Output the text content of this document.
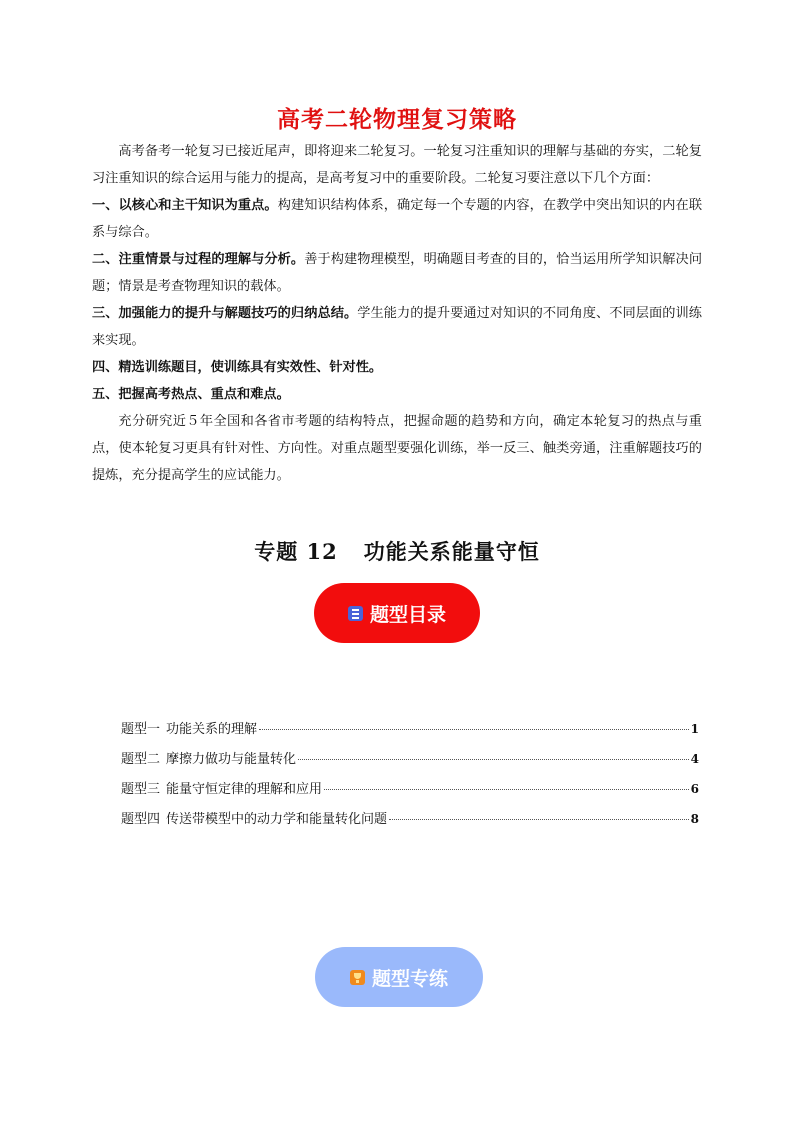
高考二轮物理复习策略

高考备考一轮复习已接近尾声，即将迎来二轮复习。一轮复习注重知识的理解与基础的夯实，二轮复习注重知识的综合运用与能力的提高，是高考复习中的重要阶段。二轮复习要注意以下几个方面：

一、以核心和主干知识为重点。构建知识结构体系，确定每一个专题的内容，在教学中突出知识的内在联系与综合。

二、注重情景与过程的理解与分析。善于构建物理模型，明确题目考查的目的，恰当运用所学知识解决问题；情景是考查物理知识的载体。

三、加强能力的提升与解题技巧的归纳总结。学生能力的提升要通过对知识的不同角度、不同层面的训练来实现。

四、精选训练题目，使训练具有实效性、针对性。

五、把握高考热点、重点和难点。

充分研究近５年全国和各省市考题的结构特点，把握命题的趋势和方向，确定本轮复习的热点与重点，使本轮复习更具有针对性、方向性。对重点题型要强化训练，举一反三、触类旁通，注重解题技巧的提炼，充分提高学生的应试能力。

专题 12 功能关系能量守恒
题型目录
题型一 功能关系的理解	1
题型二 摩擦力做功与能量转化	4
题型三 能量守恒定律的理解和应用	6
题型四 传送带模型中的动力学和能量转化问题	8
题型专练
